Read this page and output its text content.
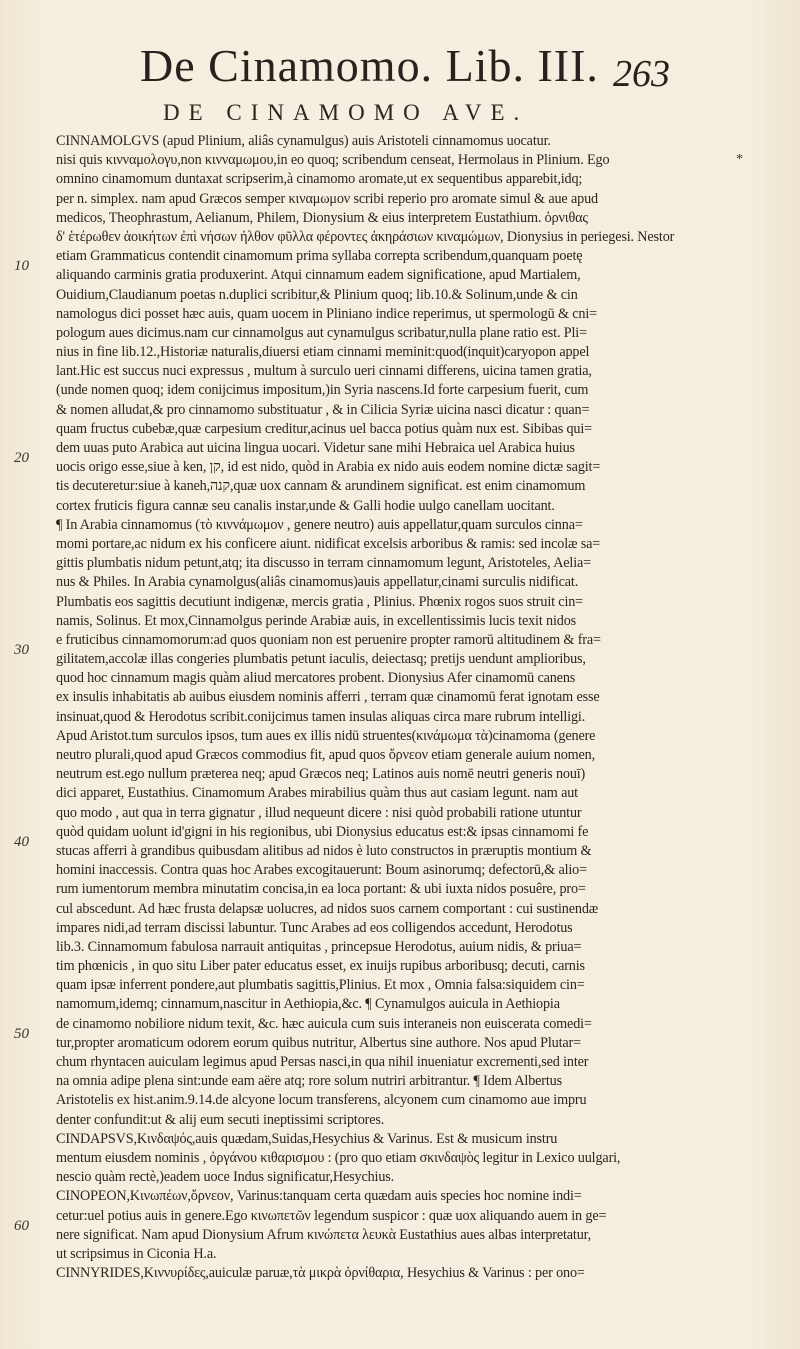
De Cinamomo. Lib. III. 263
DE CINAMOMO AVE.
*
10
20
30
40
50
60
CINNAMOLGVS (apud Plinium, aliâs cynamulgus) auis Aristoteli cinnamomus uocatur.
nisi quis κινναμολογυ,non κινναμωμου,in eo quoq; scribendum censeat, Hermolaus in Plinium. Ego
omnino cinamomum duntaxat scripserim,à cinamomo aromate,ut ex sequentibus apparebit,idq;
per n. simplex. nam apud Græcos semper κιναμωμον scribi reperio pro aromate simul & aue apud
medicos, Theophrastum, Aelianum, Philem, Dionysium & eius interpretem Eustathium. ὀρνιθας
δ' ἑτέρωθεν ἀοικήτων ἐπὶ νήσων ἠλθον φῦλλα φέροντες ἀκηράσιων κιναμώμων, Dionysius in periegesi. Nestor
etiam Grammaticus contendit cinamomum prima syllaba correpta scribendum,quanquam poetę
aliquando carminis gratia produxerint. Atqui cinnamum eadem significatione, apud Martialem,
Ouidium,Claudianum poetas n.duplici scribitur,& Plinium quoq; lib.10.& Solinum,unde & cin
namologus dici posset hæc auis, quam uocem in Pliniano indice reperimus, ut spermologū & cni=
pologum aues dicimus.nam cur cinnamolgus aut cynamulgus scribatur,nulla plane ratio est. Pli=
nius in fine lib.12.,Historiæ naturalis,diuersi etiam cinnami meminit:quod(inquit)caryopon appel
lant.Hic est succus nuci expressus , multum à surculo ueri cinnami differens, uicina tamen gratia,
(unde nomen quoq; idem conijcimus impositum,)in Syria nascens.Id forte carpesium fuerit, cum
& nomen alludat,& pro cinnamomo substituatur , & in Cilicia Syriæ uicina nasci dicatur : quan=
quam fructus cubebæ,quæ carpesium creditur,acinus uel bacca potius quàm nux est. Sibibas qui=
dem uuas puto Arabica aut uicina lingua uocari. Videtur sane mihi Hebraica uel Arabica huius
uocis origo esse,siue à ken, קן, id est nido, quòd in Arabia ex nido auis eodem nomine dictæ sagit=
tis decuteretur:siue à kaneh,קנה,quæ uox cannam & arundinem significat. est enim cinamomum
cortex fruticis figura cannæ seu canalis instar,unde & Galli hodie uulgo canellam uocitant.
¶ In Arabia cinnamomus (τὸ κιννάμωμον , genere neutro) auis appellatur,quam surculos cinna=
momi portare,ac nidum ex his conficere aiunt. nidificat excelsis arboribus & ramis: sed incolæ sa=
gittis plumbatis nidum petunt,atq; ita discusso in terram cinnamomum legunt, Aristoteles, Aelia=
nus & Philes. In Arabia cynamolgus(aliâs cinamomus)auis appellatur,cinami surculis nidificat.
Plumbatis eos sagittis decutiunt indigenæ, mercis gratia , Plinius. Phœnix rogos suos struit cin=
namis, Solinus. Et mox,Cinnamolgus perinde Arabiæ auis, in excellentissimis lucis texit nidos
e fruticibus cinnamomorum:ad quos quoniam non est peruenire propter ramorū altitudinem & fra=
gilitatem,accolæ illas congeries plumbatis petunt iaculis, deiectasq; pretijs uendunt amplioribus,
quod hoc cinnamum magis quàm aliud mercatores probent. Dionysius Afer cinamomū canens
ex insulis inhabitatis ab auibus eiusdem nominis afferri , terram quæ cinamomū ferat ignotam esse
insinuat,quod & Herodotus scribit.conijcimus tamen insulas aliquas circa mare rubrum intelligi.
Apud Aristot.tum surculos ipsos, tum aues ex illis nidū struentes(κινάμωμα τὰ)cinamoma (genere
neutro plurali,quod apud Græcos commodius fit, apud quos ὄρνεον etiam generale auium nomen,
neutrum est.ego nullum præterea neq; apud Græcos neq; Latinos auis nomē neutri generis nouī)
dici apparet, Eustathius. Cinamomum Arabes mirabilius quàm thus aut casiam legunt. nam aut
quo modo , aut qua in terra gignatur , illud nequeunt dicere : nisi quòd probabili ratione utuntur
quòd quidam uolunt id'gigni in his regionibus, ubi Dionysius educatus est:& ipsas cinnamomi fe
stucas afferri à grandibus quibusdam alitibus ad nidos è luto constructos in præruptis montium &
homini inaccessis. Contra quas hoc Arabes excogitauerunt: Boum asinorumq; defectorū,& alio=
rum iumentorum membra minutatim concisa,in ea loca portant: & ubi iuxta nidos posuêre, pro=
cul abscedunt. Ad hæc frusta delapsæ uolucres, ad nidos suos carnem comportant : cui sustinendæ
impares nidi,ad terram discissi labuntur. Tunc Arabes ad eos colligendos accedunt, Herodotus
lib.3. Cinnamomum fabulosa narrauit antiquitas , princepsue Herodotus, auium nidis, & priua=
tim phœnicis , in quo situ Liber pater educatus esset, ex inuijs rupibus arboribusq; decuti, carnis
quam ipsæ inferrent pondere,aut plumbatis sagittis,Plinius. Et mox , Omnia falsa:siquidem cin=
namomum,idemq; cinnamum,nascitur in Aethiopia,&c. ¶ Cynamulgos auicula in Aethiopia
de cinamomo nobiliore nidum texit, &c. hæc auicula cum suis interaneis non euiscerata comedi=
tur,propter aromaticum odorem eorum quibus nutritur, Albertus sine authore. Nos apud Plutar=
chum rhyntacen auiculam legimus apud Persas nasci,in qua nihil inueniatur excrementi,sed inter
na omnia adipe plena sint:unde eam aëre atq; rore solum nutriri arbitrantur. ¶ Idem Albertus
Aristotelis ex hist.anim.9.14.de alcyone locum transferens, alcyonem cum cinamomo aue impru
denter confundit:ut & alij eum secuti ineptissimi scriptores.
CINDAPSVS,Κινδαψός,auis quædam,Suidas,Hesychius & Varinus. Est & musicum instru
mentum eiusdem nominis , ὀργάνου κιθαρισμου : (pro quo etiam σκινδαψὸς legitur in Lexico uulgari,
nescio quàm rectè,)eadem uoce Indus significatur,Hesychius.
CINOPEON,Κινωπέων,ὄρνεον, Varinus:tanquam certa quædam auis species hoc nomine indi=
cetur:uel potius auis in genere.Ego κινωπετῶν legendum suspicor : quæ uox aliquando auem in ge=
nere significat. Nam apud Dionysium Afrum κινώπετα λευκὰ Eustathius aues albas interpretatur,
ut scripsimus in Ciconia H.a.
CINNYRIDES,Κιννυρίδες,auiculæ paruæ,τὰ μικρὰ ὀρνίθαρια, Hesychius & Varinus : per ono=
